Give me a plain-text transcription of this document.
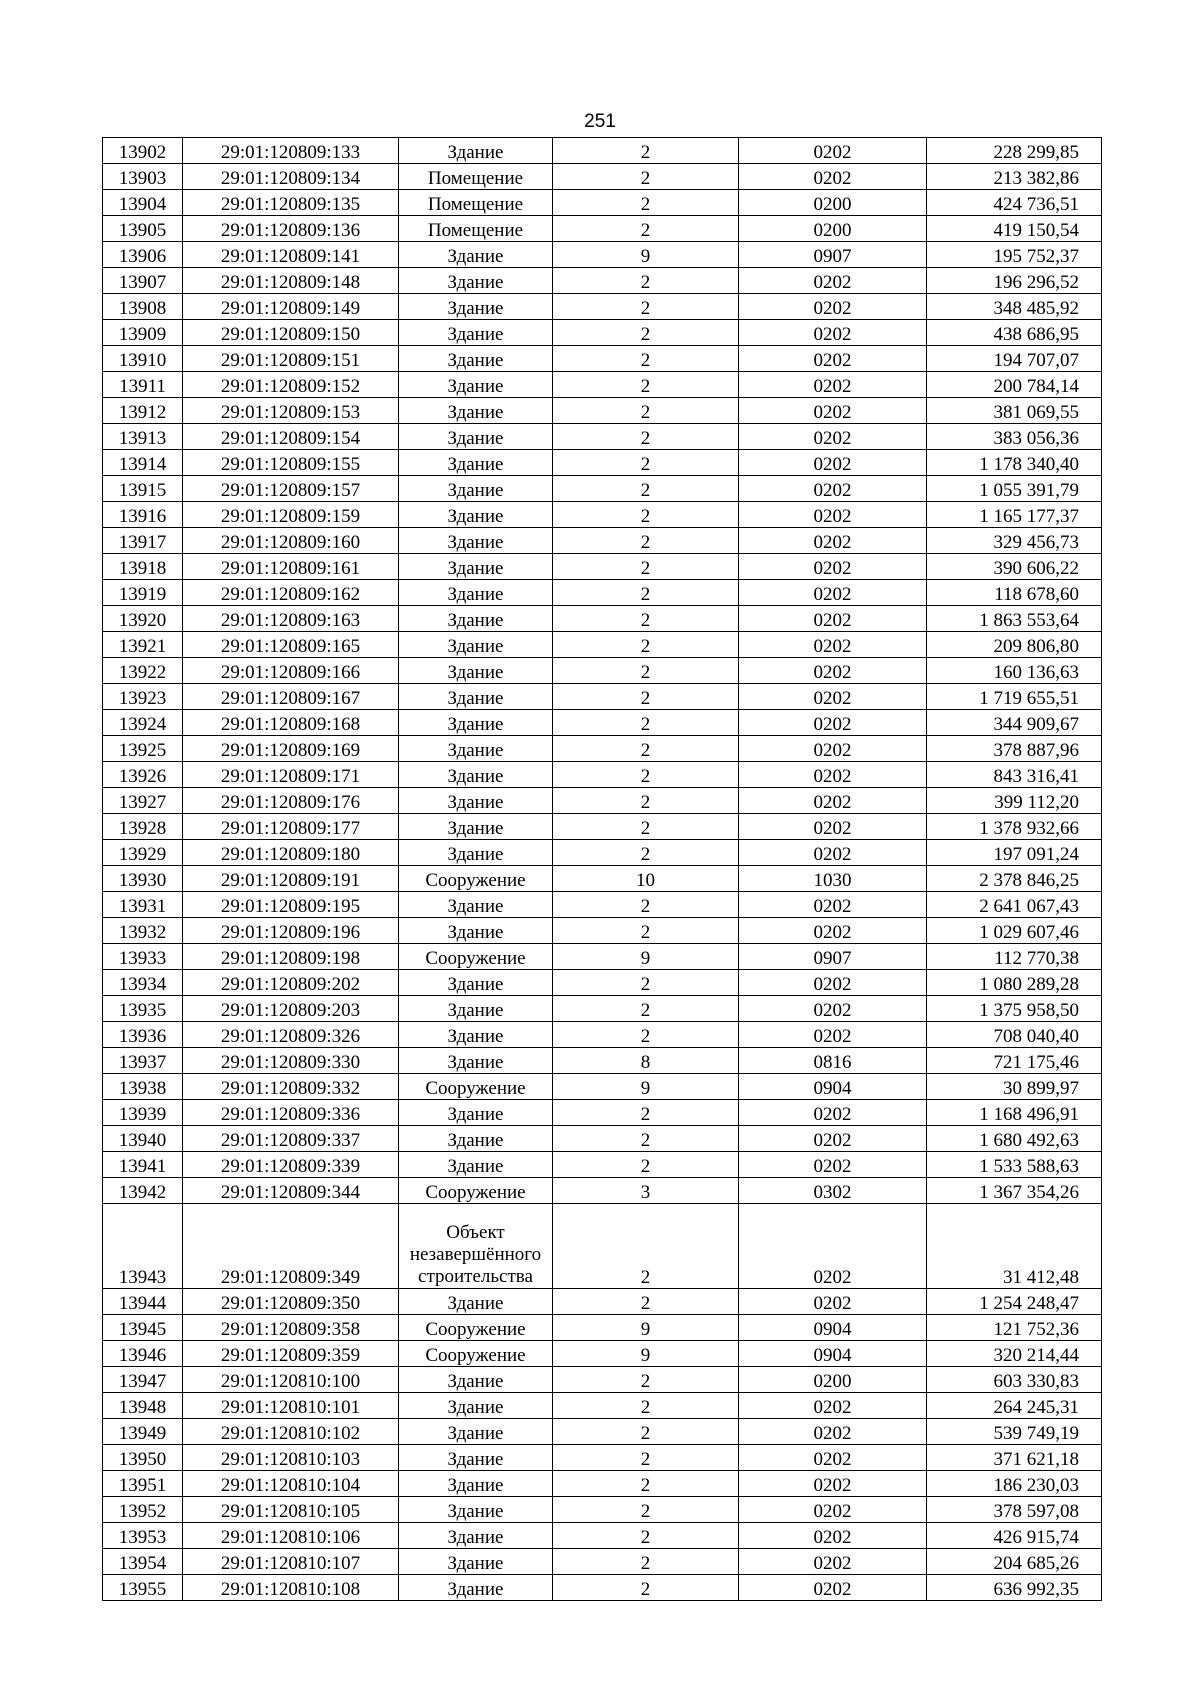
251
13902	29:01:120809:133	Здание	2	0202	228 299,85
13903	29:01:120809:134	Помещение	2	0202	213 382,86
13904	29:01:120809:135	Помещение	2	0200	424 736,51
13905	29:01:120809:136	Помещение	2	0200	419 150,54
13906	29:01:120809:141	Здание	9	0907	195 752,37
13907	29:01:120809:148	Здание	2	0202	196 296,52
13908	29:01:120809:149	Здание	2	0202	348 485,92
13909	29:01:120809:150	Здание	2	0202	438 686,95
13910	29:01:120809:151	Здание	2	0202	194 707,07
13911	29:01:120809:152	Здание	2	0202	200 784,14
13912	29:01:120809:153	Здание	2	0202	381 069,55
13913	29:01:120809:154	Здание	2	0202	383 056,36
13914	29:01:120809:155	Здание	2	0202	1 178 340,40
13915	29:01:120809:157	Здание	2	0202	1 055 391,79
13916	29:01:120809:159	Здание	2	0202	1 165 177,37
13917	29:01:120809:160	Здание	2	0202	329 456,73
13918	29:01:120809:161	Здание	2	0202	390 606,22
13919	29:01:120809:162	Здание	2	0202	118 678,60
13920	29:01:120809:163	Здание	2	0202	1 863 553,64
13921	29:01:120809:165	Здание	2	0202	209 806,80
13922	29:01:120809:166	Здание	2	0202	160 136,63
13923	29:01:120809:167	Здание	2	0202	1 719 655,51
13924	29:01:120809:168	Здание	2	0202	344 909,67
13925	29:01:120809:169	Здание	2	0202	378 887,96
13926	29:01:120809:171	Здание	2	0202	843 316,41
13927	29:01:120809:176	Здание	2	0202	399 112,20
13928	29:01:120809:177	Здание	2	0202	1 378 932,66
13929	29:01:120809:180	Здание	2	0202	197 091,24
13930	29:01:120809:191	Сооружение	10	1030	2 378 846,25
13931	29:01:120809:195	Здание	2	0202	2 641 067,43
13932	29:01:120809:196	Здание	2	0202	1 029 607,46
13933	29:01:120809:198	Сооружение	9	0907	112 770,38
13934	29:01:120809:202	Здание	2	0202	1 080 289,28
13935	29:01:120809:203	Здание	2	0202	1 375 958,50
13936	29:01:120809:326	Здание	2	0202	708 040,40
13937	29:01:120809:330	Здание	8	0816	721 175,46
13938	29:01:120809:332	Сооружение	9	0904	30 899,97
13939	29:01:120809:336	Здание	2	0202	1 168 496,91
13940	29:01:120809:337	Здание	2	0202	1 680 492,63
13941	29:01:120809:339	Здание	2	0202	1 533 588,63
13942	29:01:120809:344	Сооружение	3	0302	1 367 354,26
13943	29:01:120809:349	Объект незавершённого строительства	2	0202	31 412,48
13944	29:01:120809:350	Здание	2	0202	1 254 248,47
13945	29:01:120809:358	Сооружение	9	0904	121 752,36
13946	29:01:120809:359	Сооружение	9	0904	320 214,44
13947	29:01:120810:100	Здание	2	0200	603 330,83
13948	29:01:120810:101	Здание	2	0202	264 245,31
13949	29:01:120810:102	Здание	2	0202	539 749,19
13950	29:01:120810:103	Здание	2	0202	371 621,18
13951	29:01:120810:104	Здание	2	0202	186 230,03
13952	29:01:120810:105	Здание	2	0202	378 597,08
13953	29:01:120810:106	Здание	2	0202	426 915,74
13954	29:01:120810:107	Здание	2	0202	204 685,26
13955	29:01:120810:108	Здание	2	0202	636 992,35
